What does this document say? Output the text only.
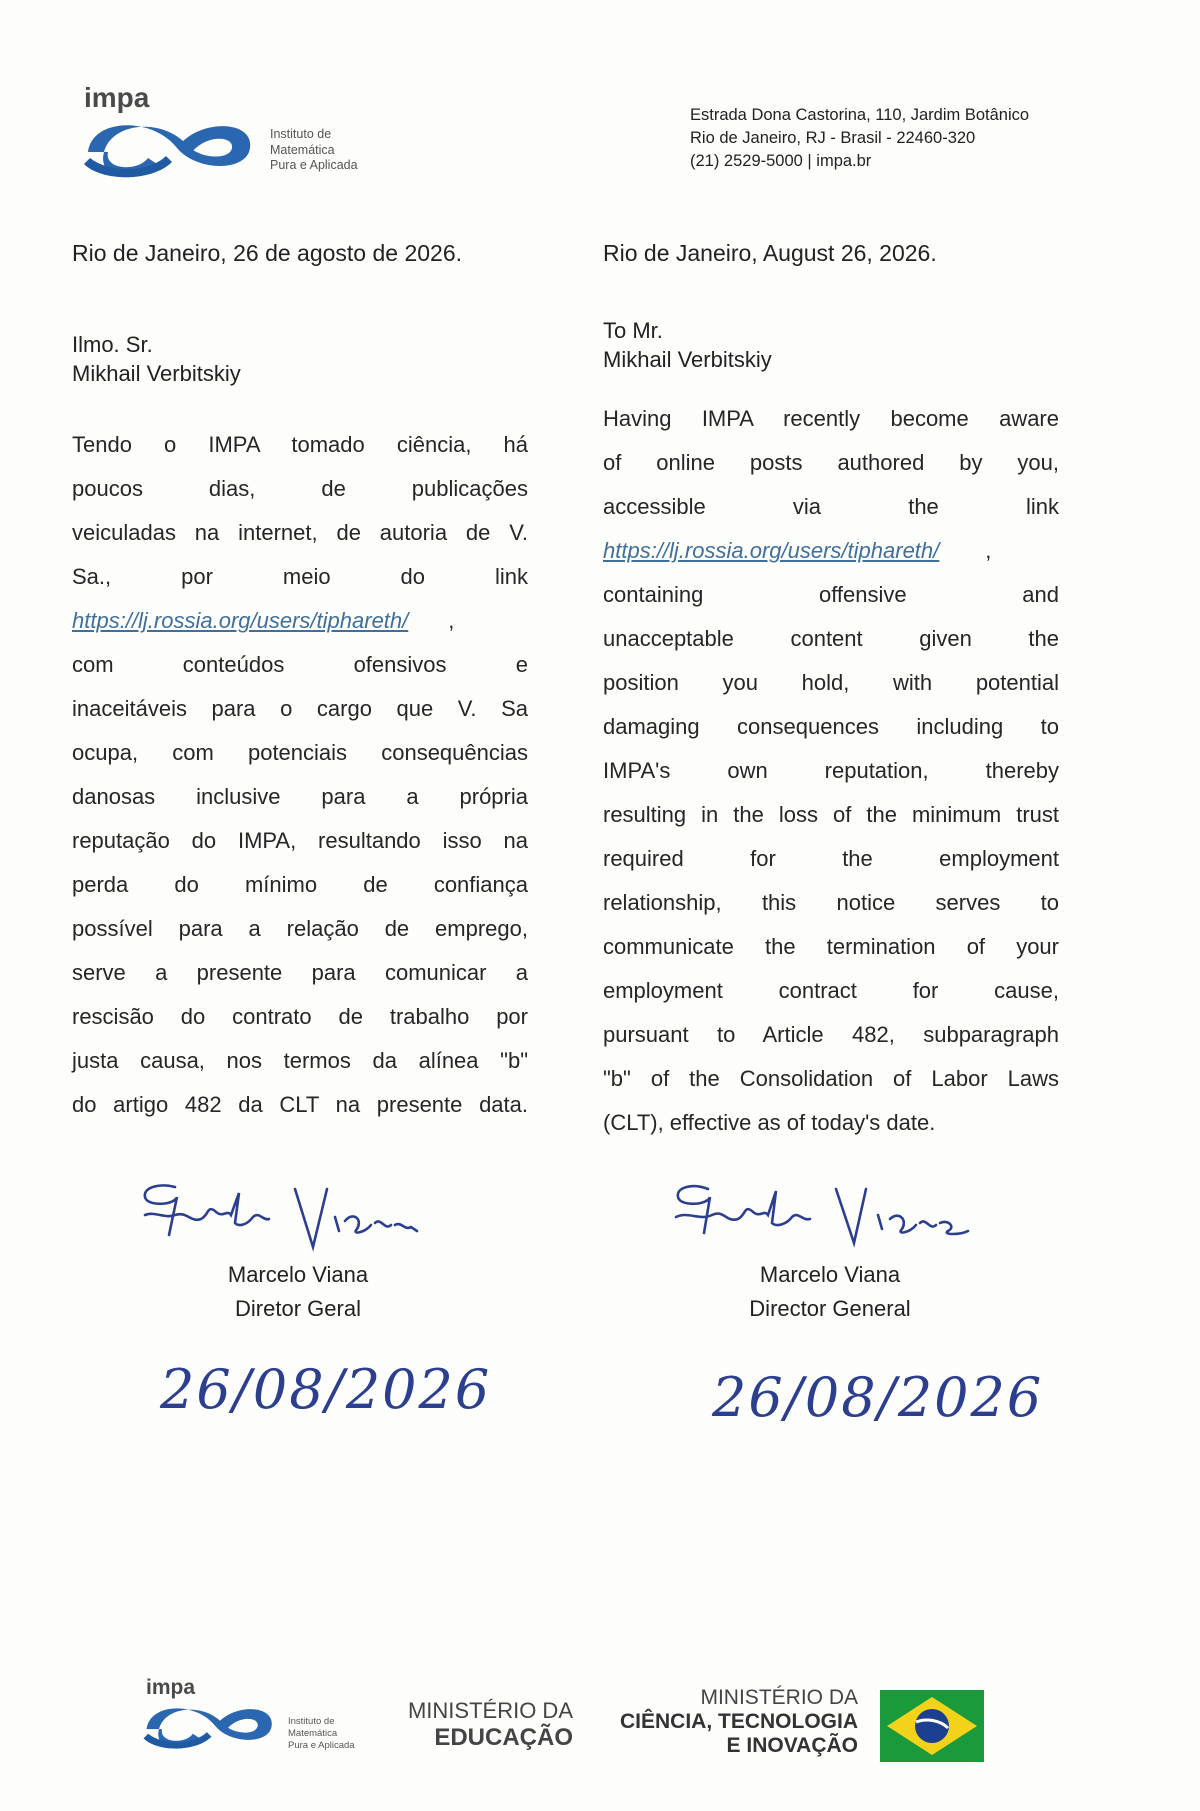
impa
Instituto de
Matemática
Pura e Aplicada
Estrada Dona Castorina, 110, Jardim Botânico
Rio de Janeiro, RJ - Brasil - 22460-320
(21) 2529-5000 | impa.br
Rio de Janeiro, 26 de agosto de 2026.
Ilmo. Sr.
Mikhail Verbitskiy
Tendo o IMPA tomado ciência, há
poucos dias, de publicações
veiculadas na internet, de autoria de V.
Sa., por meio do link
https://lj.rossia.org/users/tiphareth/ ,
com conteúdos ofensivos e
inaceitáveis para o cargo que V. Sa
ocupa, com potenciais consequências
danosas inclusive para a própria
reputação do IMPA, resultando isso na
perda do mínimo de confiança
possível para a relação de emprego,
serve a presente para comunicar a
rescisão do contrato de trabalho por
justa causa, nos termos da alínea "b"
do artigo 482 da CLT na presente data.
Marcelo Viana
Diretor Geral
26/08/2026
Rio de Janeiro, August 26, 2026.
To Mr.
Mikhail Verbitskiy
Having IMPA recently become aware
of online posts authored by you,
accessible via the link
https://lj.rossia.org/users/tiphareth/ ,
containing offensive and
unacceptable content given the
position you hold, with potential
damaging consequences including to
IMPA's own reputation, thereby
resulting in the loss of the minimum trust
required for the employment
relationship, this notice serves to
communicate the termination of your
employment contract for cause,
pursuant to Article 482, subparagraph
"b" of the Consolidation of Labor Laws
(CLT), effective as of today's date.
Marcelo Viana
Director General
26/08/2026
impa
Instituto de
Matemática
Pura e Aplicada
MINISTÉRIO DA
EDUCAÇÃO
MINISTÉRIO DA
CIÊNCIA, TECNOLOGIA
E INOVAÇÃO
